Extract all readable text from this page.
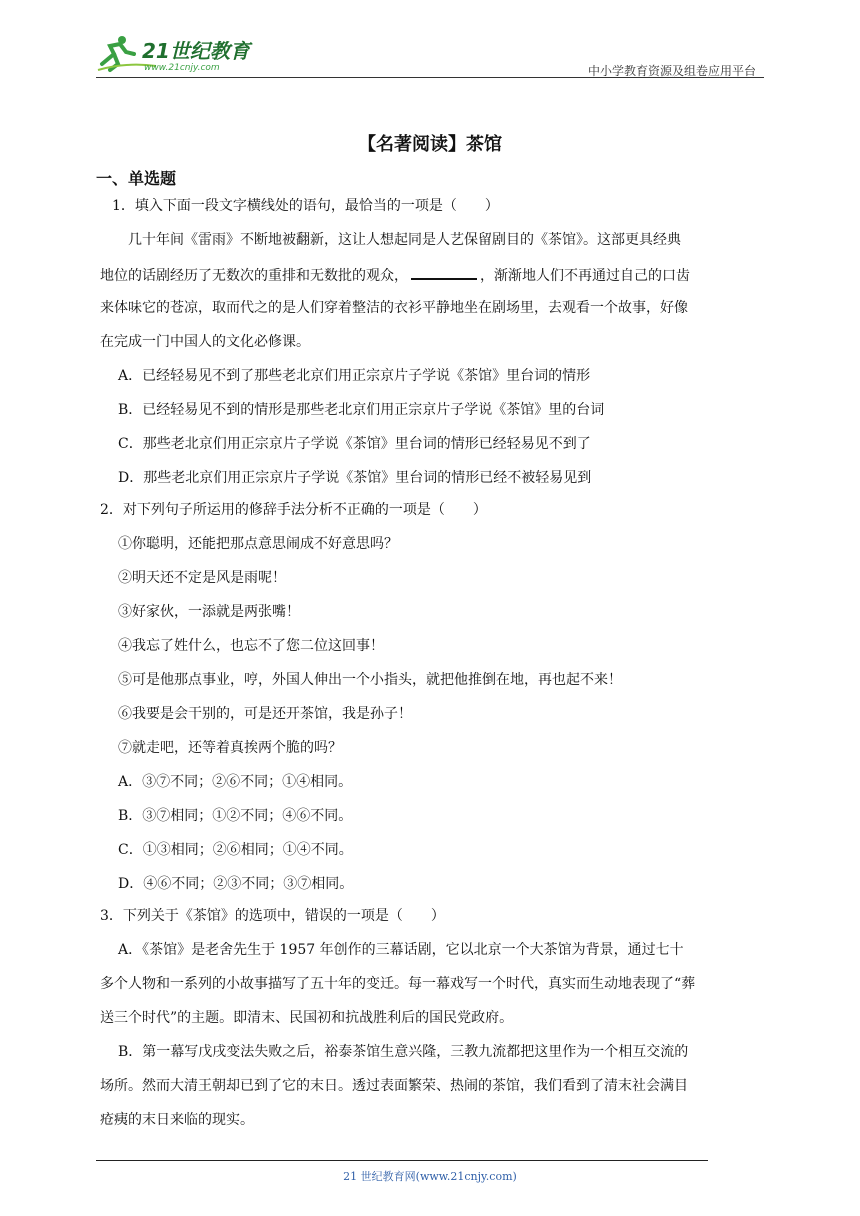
21世纪教育
www.21cnjy.com	中小学教育资源及组卷应用平台
【名著阅读】茶馆
一、单选题
1．填入下面一段文字横线处的语句，最恰当的一项是（　　）
几十年间《雷雨》不断地被翻新，这让人想起同是人艺保留剧目的《茶馆》。这部更具经典
地位的话剧经历了无数次的重排和无数批的观众，	，渐渐地人们不再通过自己的口齿
来体味它的苍凉，取而代之的是人们穿着整洁的衣衫平静地坐在剧场里，去观看一个故事，好像
在完成一门中国人的文化必修课。
A．已经轻易见不到了那些老北京们用正宗京片子学说《茶馆》里台词的情形
B．已经轻易见不到的情形是那些老北京们用正宗京片子学说《茶馆》里的台词
C．那些老北京们用正宗京片子学说《茶馆》里台词的情形已经轻易见不到了
D．那些老北京们用正宗京片子学说《茶馆》里台词的情形已经不被轻易见到
2．对下列句子所运用的修辞手法分析不正确的一项是（　　）
①你聪明，还能把那点意思闹成不好意思吗？
②明天还不定是风是雨呢！
③好家伙，一添就是两张嘴！
④我忘了姓什么，也忘不了您二位这回事！
⑤可是他那点事业，哼，外国人伸出一个小指头，就把他推倒在地，再也起不来！
⑥我要是会干别的，可是还开茶馆，我是孙子！
⑦就走吧，还等着真挨两个脆的吗？
A．③⑦不同；②⑥不同；①④相同。
B．③⑦相同；①②不同；④⑥不同。
C．①③相同；②⑥相同；①④不同。
D．④⑥不同；②③不同；③⑦相同。
3．下列关于《茶馆》的选项中，错误的一项是（　　）
A．《茶馆》是老舍先生于 1957 年创作的三幕话剧，它以北京一个大茶馆为背景，通过七十
多个人物和一系列的小故事描写了五十年的变迁。每一幕戏写一个时代，真实而生动地表现了“葬
送三个时代”的主题。即清末、民国初和抗战胜利后的国民党政府。
B．第一幕写戊戌变法失败之后，裕泰茶馆生意兴隆，三教九流都把这里作为一个相互交流的
场所。然而大清王朝却已到了它的末日。透过表面繁荣、热闹的茶馆，我们看到了清末社会满目
疮痍的末日来临的现实。
21 世纪教育网(www.21cnjy.com)
